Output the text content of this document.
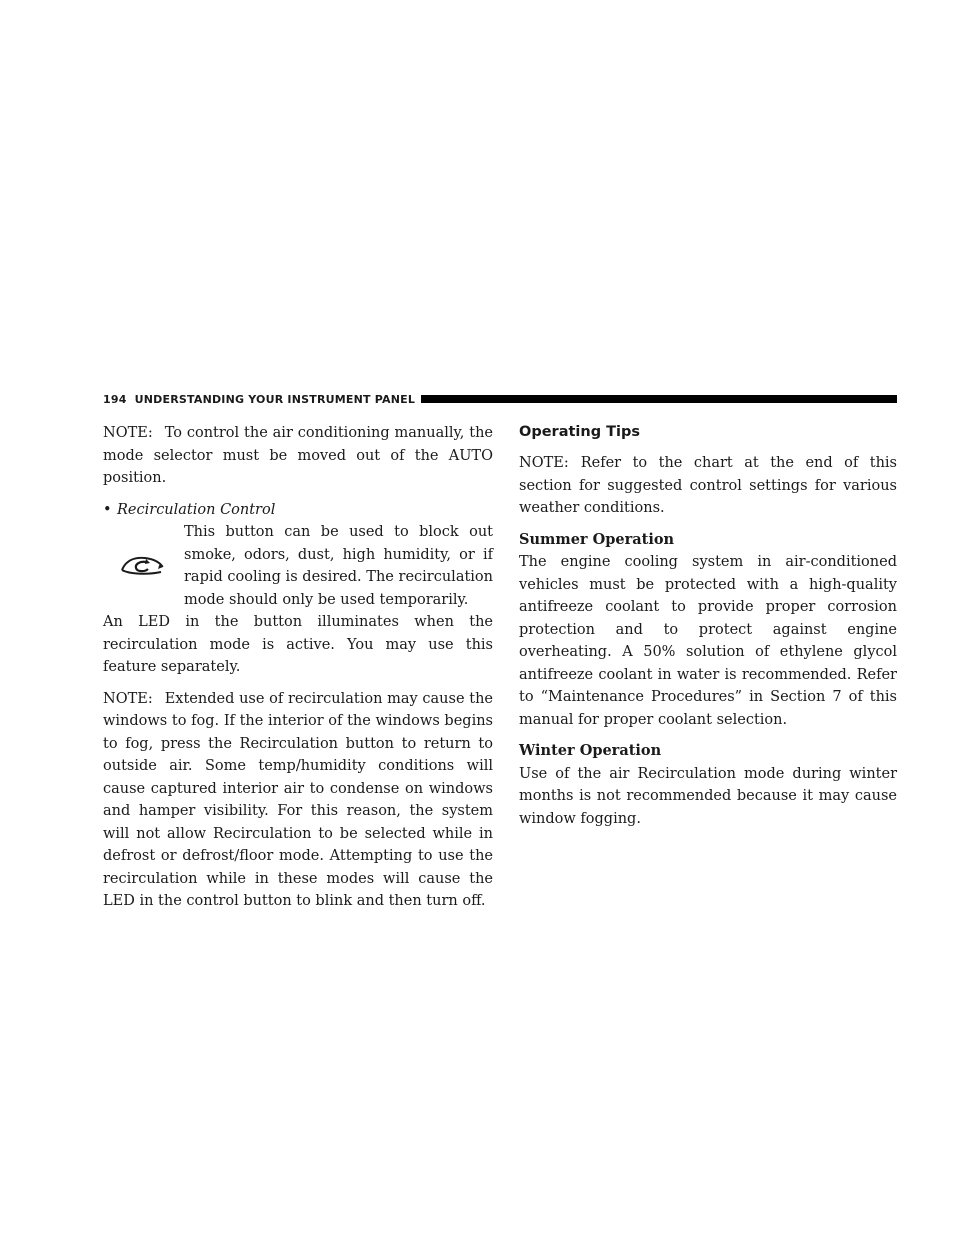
194 UNDERSTANDING YOUR INSTRUMENT PANEL

NOTE: To control the air conditioning manually, the mode selector must be moved out of the AUTO position.

• Recirculation Control

This button can be used to block out smoke, odors, dust, high humidity, or if rapid cooling is desired. The recirculation mode should only be used temporarily.

An LED in the button illuminates when the recirculation mode is active. You may use this feature separately.

NOTE: Extended use of recirculation may cause the windows to fog. If the interior of the windows begins to fog, press the Recirculation button to return to outside air. Some temp/humidity conditions will cause captured interior air to condense on windows and hamper visibility. For this reason, the system will not allow Recirculation to be selected while in defrost or defrost/floor mode. Attempting to use the recirculation while in these modes will cause the LED in the control button to blink and then turn off.

Operating Tips

NOTE: Refer to the chart at the end of this section for suggested control settings for various weather conditions.

Summer Operation

The engine cooling system in air-conditioned vehicles must be protected with a high-quality antifreeze coolant to provide proper corrosion protection and to protect against engine overheating. A 50% solution of ethylene glycol antifreeze coolant in water is recommended. Refer to “Maintenance Procedures” in Section 7 of this manual for proper coolant selection.

Winter Operation

Use of the air Recirculation mode during winter months is not recommended because it may cause window fogging.
